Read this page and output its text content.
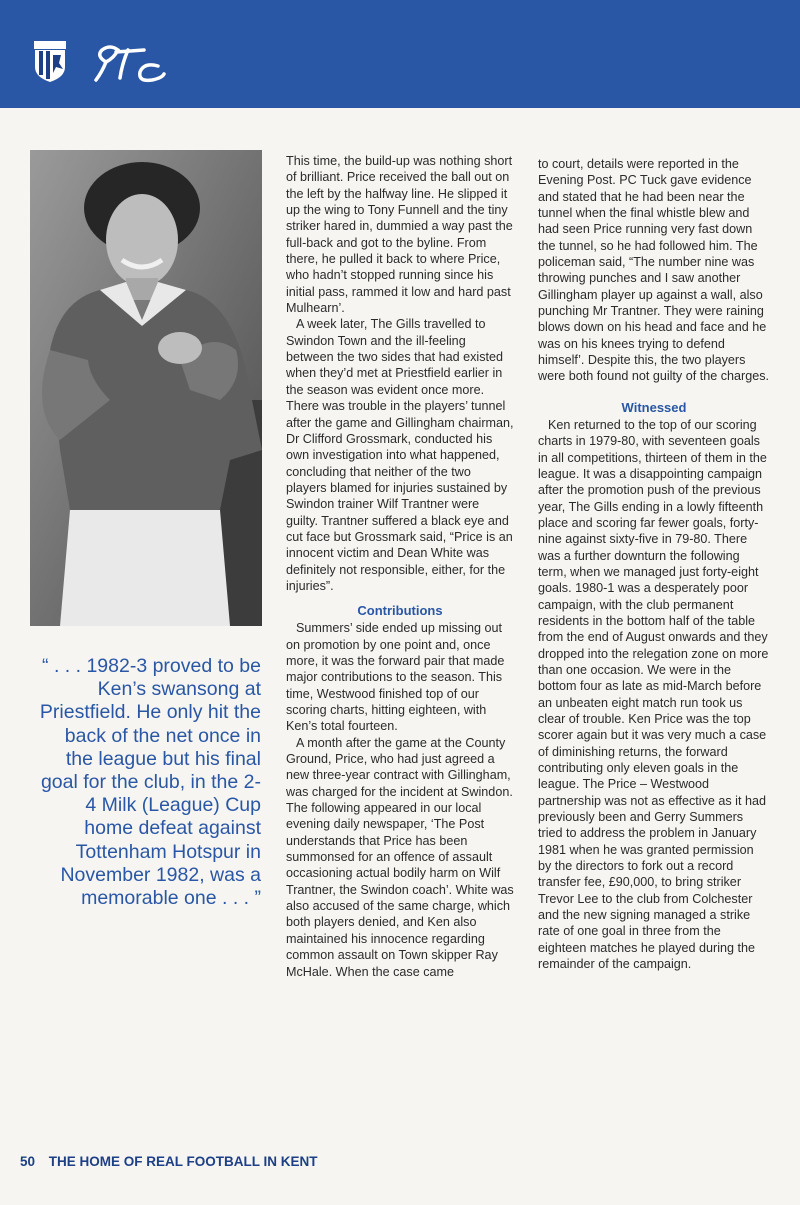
“ . . . 1982-3 proved to be Ken’s swansong at Priestfield. He only hit the back of the net once in the league but his final goal for the club, in the 2-4 Milk (League) Cup home defeat against Tottenham Hotspur in November 1982, was a memorable one . . . ”

This time, the build-up was nothing short of brilliant. Price received the ball out on the left by the halfway line. He slipped it up the wing to Tony Funnell and the tiny striker hared in, dummied a way past the full-back and got to the byline. From there, he pulled it back to where Price, who hadn’t stopped running since his initial pass, rammed it low and hard past Mulhearn’.

A week later, The Gills travelled to Swindon Town and the ill-feeling between the two sides that had existed when they’d met at Priestfield earlier in the season was evident once more. There was trouble in the players’ tunnel after the game and Gillingham chairman, Dr Clifford Grossmark, conducted his own investigation into what happened, concluding that neither of the two players blamed for injuries sustained by Swindon trainer Wilf Trantner were guilty. Trantner suffered a black eye and cut face but Grossmark said, “Price is an innocent victim and Dean White was definitely not responsible, either, for the injuries”.

Contributions

Summers’ side ended up missing out on promotion by one point and, once more, it was the forward pair that made major contributions to the season. This time, Westwood finished top of our scoring charts, hitting eighteen, with Ken’s total fourteen.

A month after the game at the County Ground, Price, who had just agreed a new three-year contract with Gillingham, was charged for the incident at Swindon. The following appeared in our local evening daily newspaper, ‘The Post understands that Price has been summonsed for an offence of assault occasioning actual bodily harm on Wilf Trantner, the Swindon coach’. White was also accused of the same charge, which both players denied, and Ken also maintained his innocence regarding common assault on Town skipper Ray McHale. When the case came

to court, details were reported in the Evening Post. PC Tuck gave evidence and stated that he had been near the tunnel when the final whistle blew and had seen Price running very fast down the tunnel, so he had followed him. The policeman said, “The number nine was throwing punches and I saw another Gillingham player up against a wall, also punching Mr Trantner. They were raining blows down on his head and face and he was on his knees trying to defend himself’. Despite this, the two players were both found not guilty of the charges.

Witnessed

Ken returned to the top of our scoring charts in 1979-80, with seventeen goals in all competitions, thirteen of them in the league. It was a disappointing campaign after the promotion push of the previous year, The Gills ending in a lowly fifteenth place and scoring far fewer goals, forty-nine against sixty-five in 79-80. There was a further downturn the following term, when we managed just forty-eight goals. 1980-1 was a desperately poor campaign, with the club permanent residents in the bottom half of the table from the end of August onwards and they dropped into the relegation zone on more than one occasion. We were in the bottom four as late as mid-March before an unbeaten eight match run took us clear of trouble. Ken Price was the top scorer again but it was very much a case of diminishing returns, the forward contributing only eleven goals in the league. The Price – Westwood partnership was not as effective as it had previously been and Gerry Summers tried to address the problem in January 1981 when he was granted permission by the directors to fork out a record transfer fee, £90,000, to bring striker Trevor Lee to the club from Colchester and the new signing managed a strike rate of one goal in three from the eighteen matches he played during the remainder of the campaign.

50 THE HOME OF REAL FOOTBALL IN KENT
